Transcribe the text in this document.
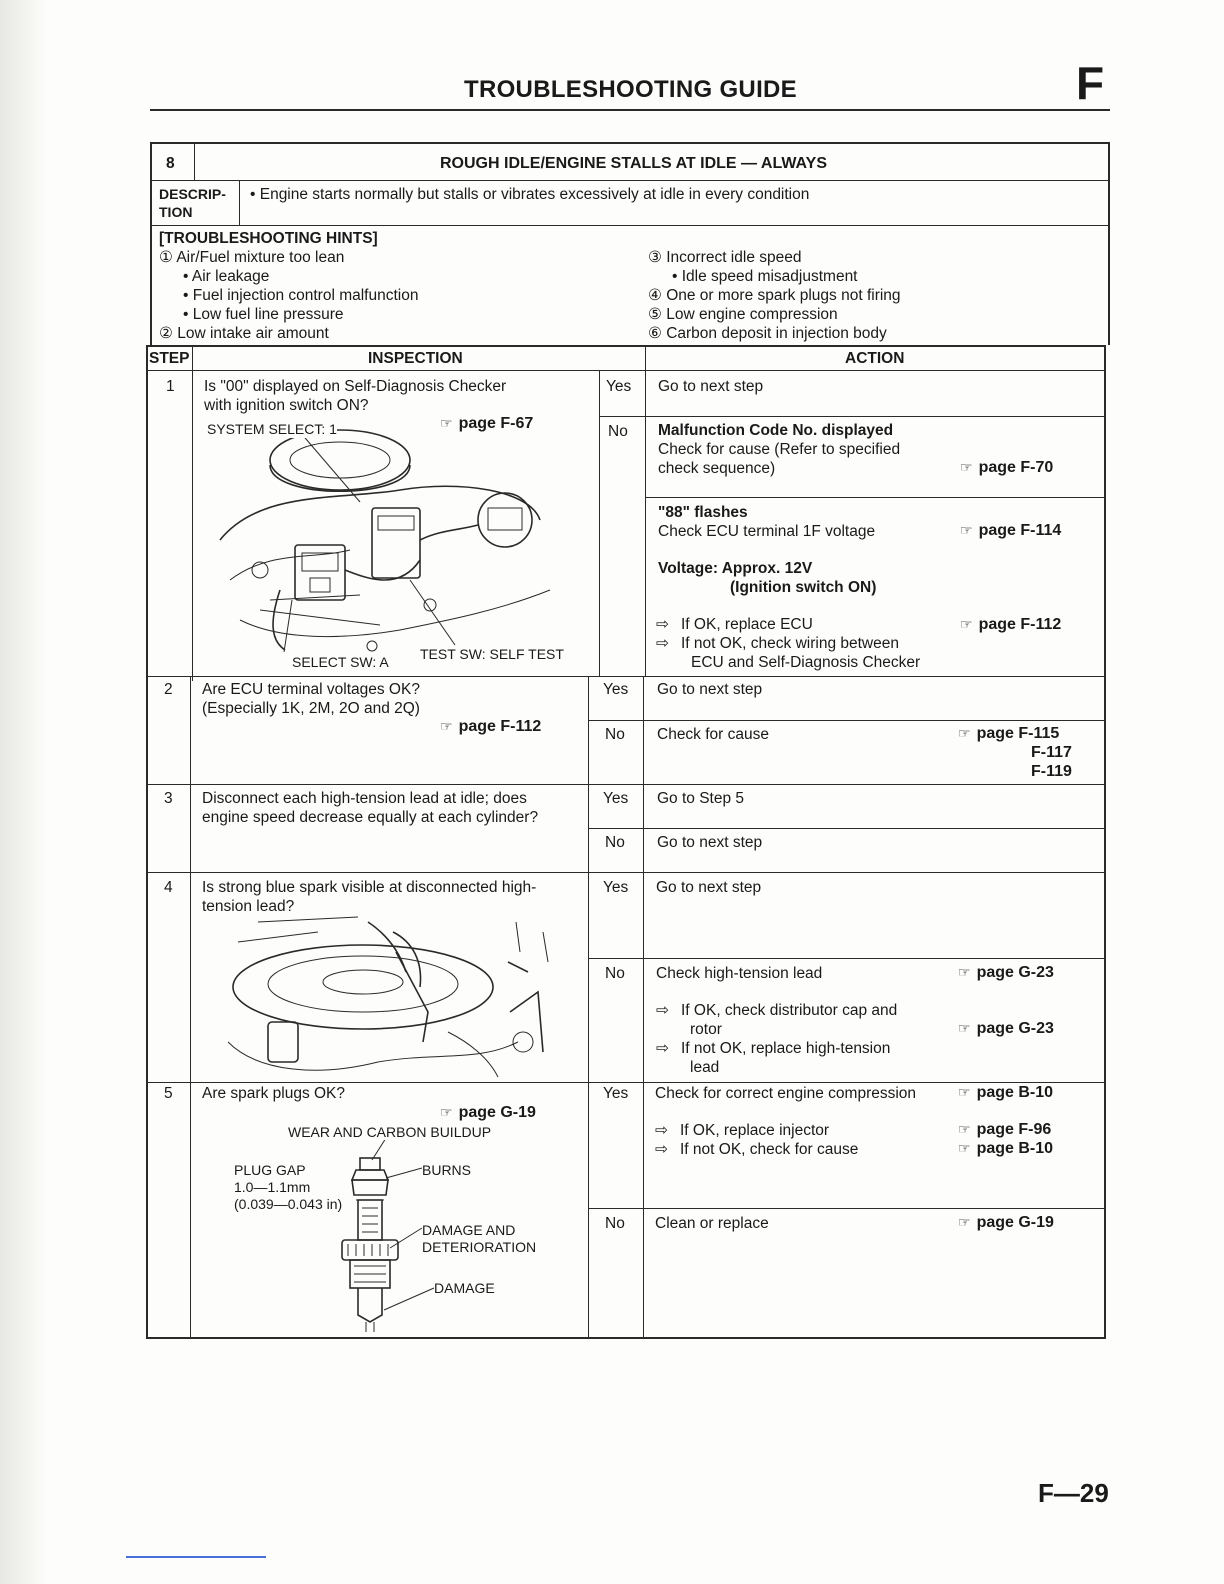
TROUBLESHOOTING GUIDE	F
8	ROUGH IDLE/ENGINE STALLS AT IDLE — ALWAYS
DESCRIP-
TION
• Engine starts normally but stalls or vibrates excessively at idle in every condition
[TROUBLESHOOTING HINTS]
① Air/Fuel mixture too lean
• Air leakage
• Fuel injection control malfunction
• Low fuel line pressure
② Low intake air amount
③ Incorrect idle speed
• Idle speed misadjustment
④ One or more spark plugs not firing
⑤ Low engine compression
⑥ Carbon deposit in injection body
STEP	INSPECTION	ACTION
1 Is "00" displayed on Self-Diagnosis Checker
with ignition switch ON?
☞ page F-67
Yes Go to next step
No Malfunction Code No. displayed
Check for cause (Refer to specified
check sequence)	☞ page F-70
"88" flashes
Check ECU terminal 1F voltage	☞ page F-114
Voltage: Approx. 12V
(Ignition switch ON)
⇨ If OK, replace ECU	☞ page F-112
⇨ If not OK, check wiring between
ECU and Self-Diagnosis Checker
SYSTEM SELECT: 1
SELECT SW: A TEST SW: SELF TEST
2 Are ECU terminal voltages OK?
(Especially 1K, 2M, 2O and 2Q)
☞ page F-112
Yes Go to next step
No Check for cause	☞ page F-115
F-117
F-119
3 Disconnect each high-tension lead at idle; does
engine speed decrease equally at each cylinder?
Yes Go to Step 5
No Go to next step
4 Is strong blue spark visible at disconnected high-
tension lead?
Yes Go to next step
No Check high-tension lead	☞ page G-23
⇨ If OK, check distributor cap and
rotor	☞ page G-23
⇨ If not OK, replace high-tension
lead
5 Are spark plugs OK?
☞ page G-19
WEAR AND CARBON BUILDUP
PLUG GAP
1.0—1.1mm
(0.039—0.043 in)
BURNS
DAMAGE AND
DETERIORATION
DAMAGE
Yes Check for correct engine compression	☞ page B-10
⇨ If OK, replace injector	☞ page F-96
⇨ If not OK, check for cause	☞ page B-10
No Clean or replace	☞ page G-19
F—29
